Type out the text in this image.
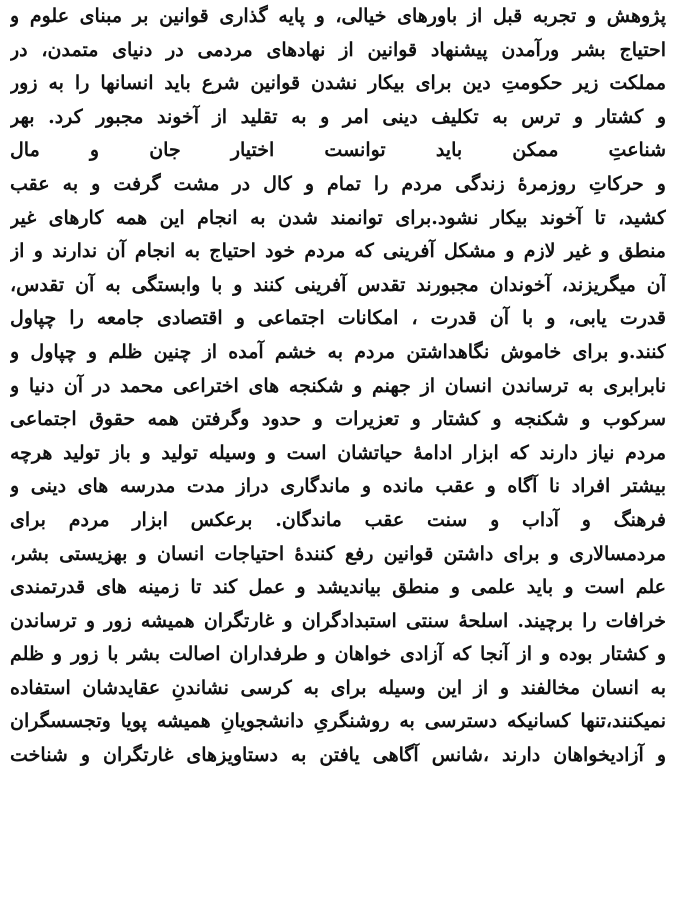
پژوهش و تجربه قبل از باورهای خیالی، و پایه گذاری قوانین بر مبنای علوم و
احتیاج بشر ورآمدن پیشنهاد قوانین از نهادهای مردمی در دنیای متمدن، در
مملکت زیر حکومتِ دین برای بیکار نشدن قوانین شرع باید انسانها را به زور
و کشتار و ترس به تکلیف دینی امر و به تقلید از آخوند مجبور کرد. بهر
شناعتِ ممکن باید توانست اختیار جان و مال
و حرکاتِ روزمرهٔ زندگی مردم را تمام و کال در مشت گرفت و به عقب
کشید، تا آخوند بیکار نشود.برای توانمند شدن به انجام این همه کارهای غیر
منطق و غیر لازم و مشکل آفرینی که مردم خود احتیاج به انجام آن ندارند و از
آن میگریزند، آخوندان مجبورند تقدس آفرینی کنند و با وابستگی به آن تقدس،
قدرت یابی، و با آن قدرت ، امکانات اجتماعی و اقتصادی جامعه را چپاول
کنند.و برای خاموش نگاهداشتن مردم به خشم آمده از چنین ظلم و چپاول و
نابرابری به ترساندن انسان از جهنم و شکنجه های اختراعی محمد در آن دنیا و
سرکوب و شکنجه و کشتار و تعزیرات و حدود وگرفتن همه حقوق اجتماعی
مردم نیاز دارند که ابزار ادامهٔ حیاتشان است و وسیله تولید و باز تولید هرچه
بیشتر افراد نا آگاه و عقب مانده و ماندگاری دراز مدت مدرسه های دینی و
فرهنگ و آداب و سنت عقب ماندگان. برعکس ابزار مردم برای
مردمسالاری و برای داشتن قوانین رفع کنندهٔ احتیاجات انسان و بهزیستی بشر،
علم است و باید علمی و منطق بیاندیشد و عمل کند تا زمینه های قدرتمندی
خرافات را برچیند. اسلحهٔ سنتی استبدادگران و غارتگران همیشه زور و ترساندن
و کشتار بوده و از آنجا که آزادی خواهان و طرفداران اصالت بشر با زور و ظلم
به انسان مخالفند و از این وسیله برای به کرسی نشاندنِ عقایدشان استفاده
نمیکنند،تنها کسانیکه دسترسی به روشنگریِ دانشجویانِ همیشه پویا وتجسسگران
و آزادیخواهان دارند ،شانس آگاهی یافتن به دستاویزهای غارتگران و شناخت
